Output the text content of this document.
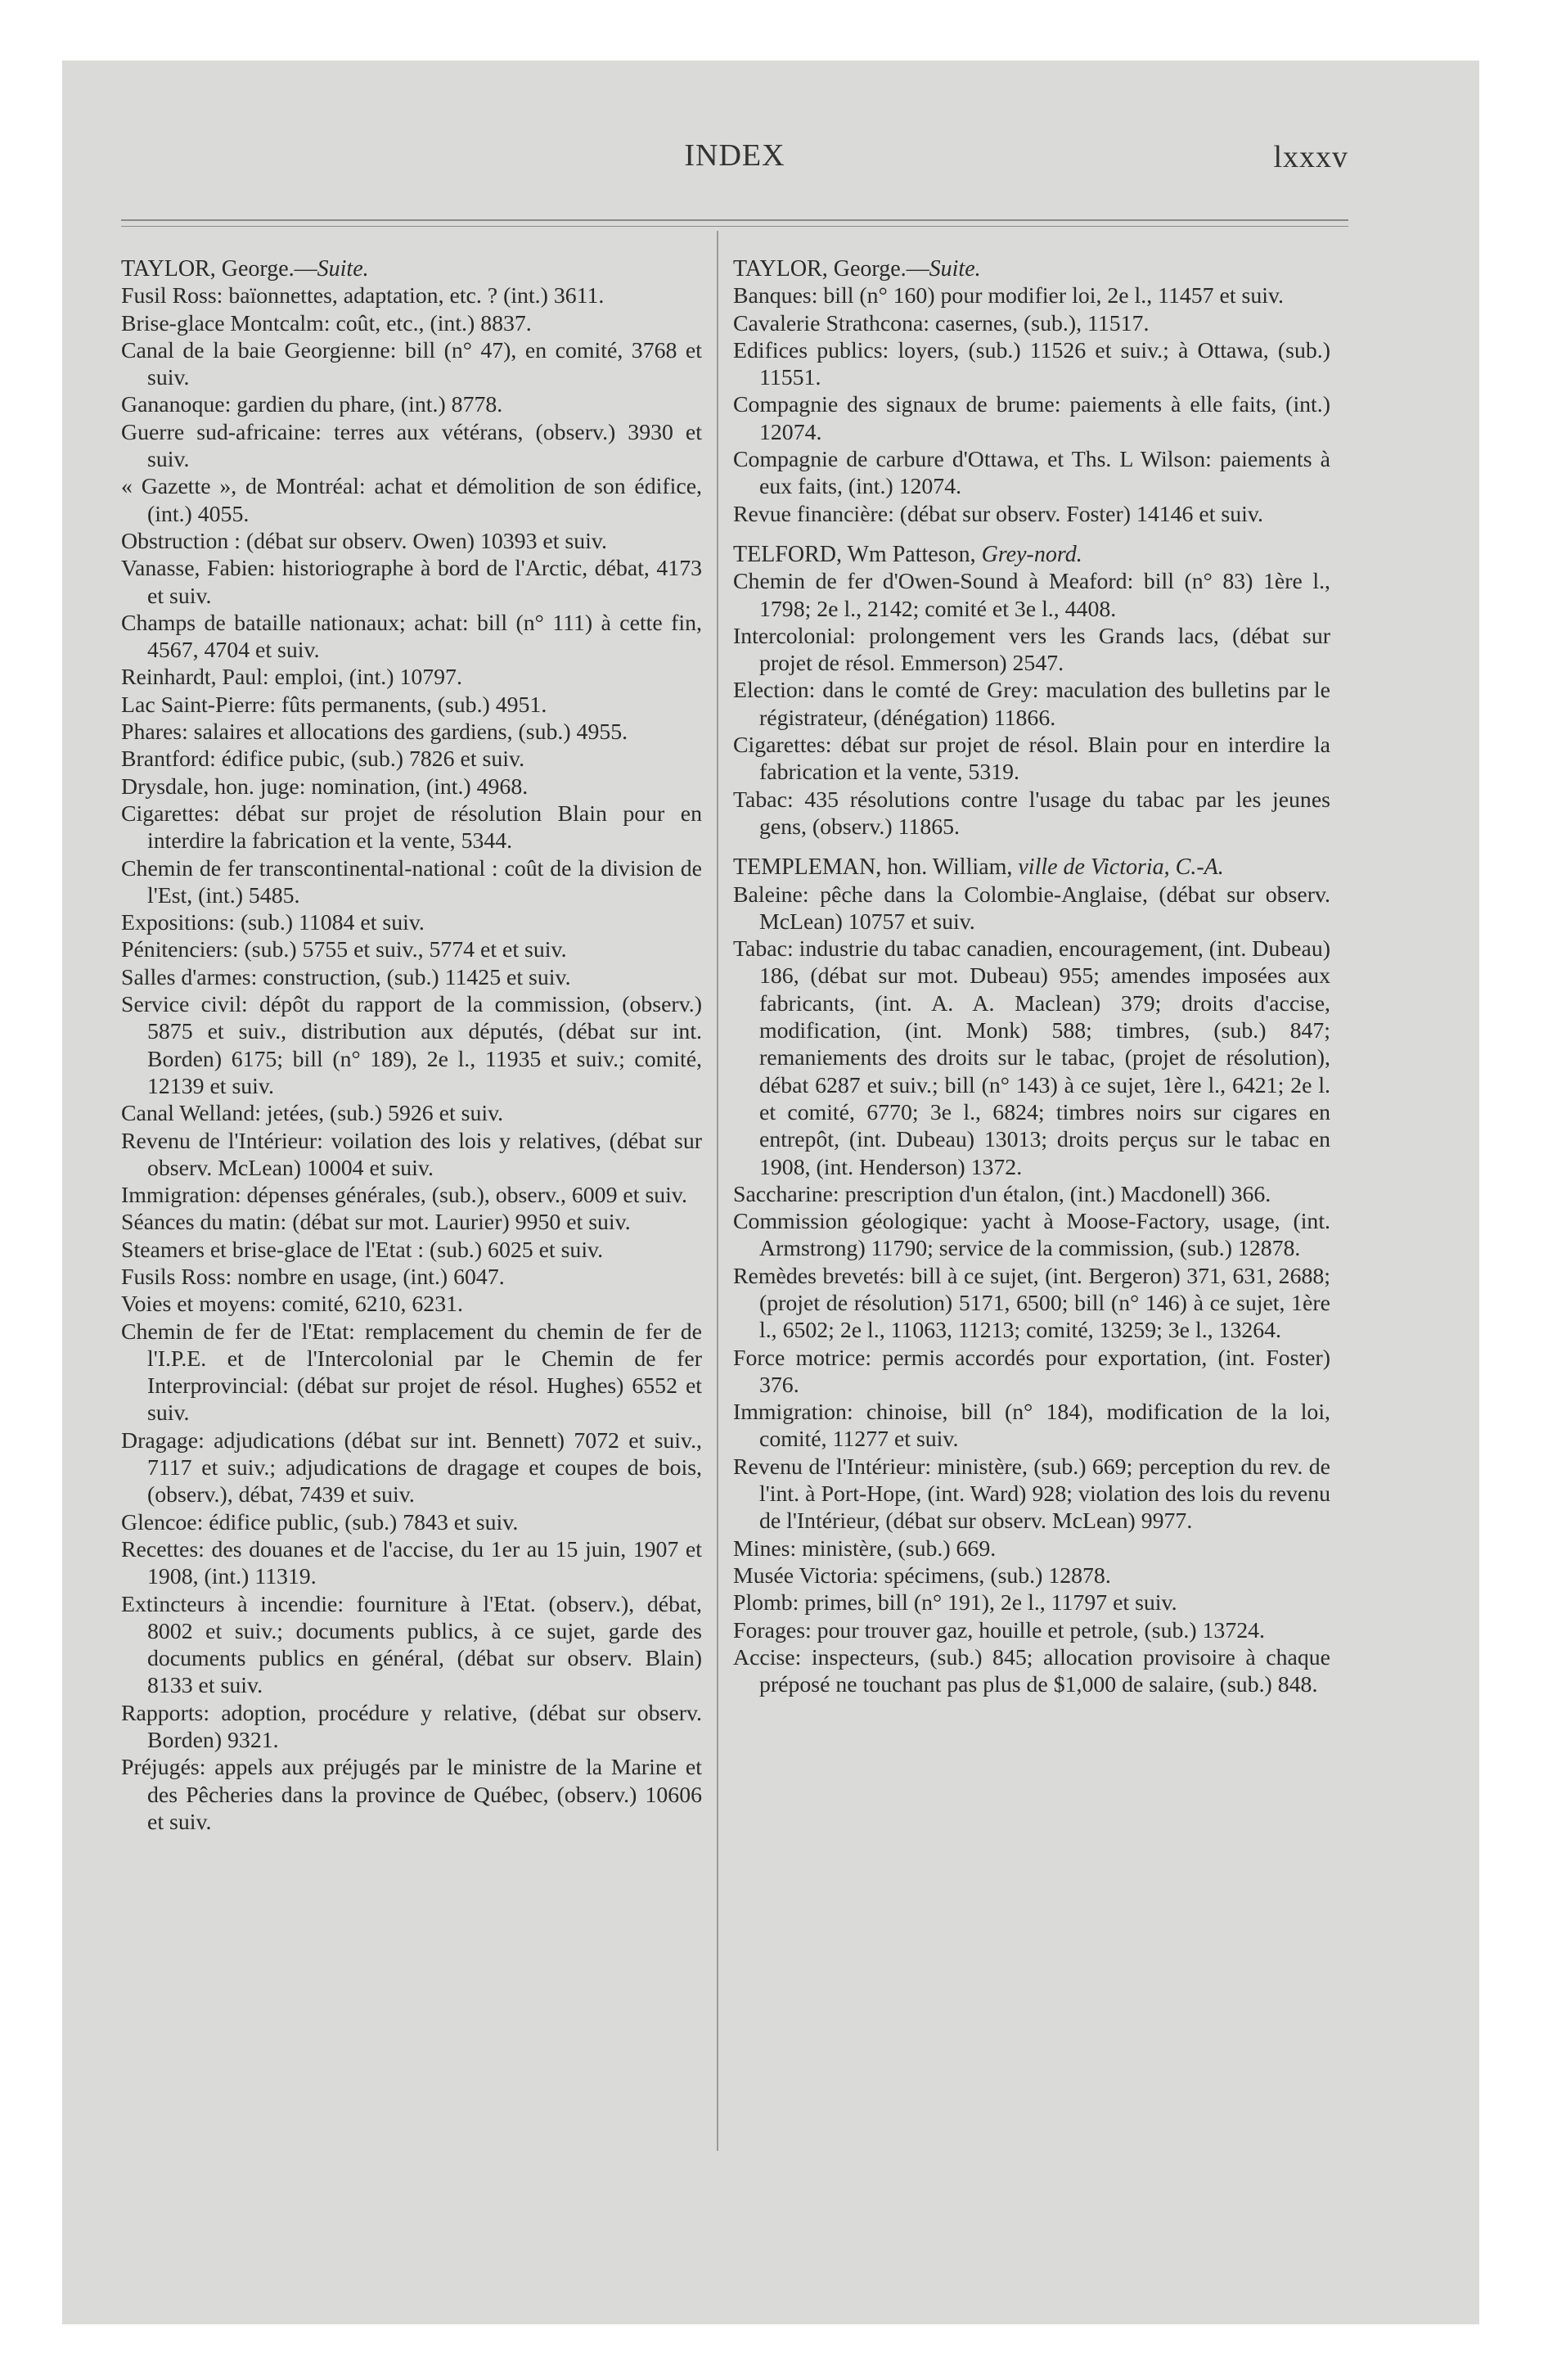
INDEX	lxxxv

TAYLOR, George.—Suite.

Fusil Ross: baïonnettes, adaptation, etc. ? (int.) 3611.

Brise-glace Montcalm: coût, etc., (int.) 8837.

Canal de la baie Georgienne: bill (n° 47), en comité, 3768 et suiv.

Gananoque: gardien du phare, (int.) 8778.

Guerre sud-africaine: terres aux vétérans, (observ.) 3930 et suiv.

« Gazette », de Montréal: achat et démolition de son édifice, (int.) 4055.

Obstruction : (débat sur observ. Owen) 10393 et suiv.

Vanasse, Fabien: historiographe à bord de l'Arctic, débat, 4173 et suiv.

Champs de bataille nationaux; achat: bill (n° 111) à cette fin, 4567, 4704 et suiv.

Reinhardt, Paul: emploi, (int.) 10797.

Lac Saint-Pierre: fûts permanents, (sub.) 4951.

Phares: salaires et allocations des gardiens, (sub.) 4955.

Brantford: édifice pubic, (sub.) 7826 et suiv.

Drysdale, hon. juge: nomination, (int.) 4968.

Cigarettes: débat sur projet de résolution Blain pour en interdire la fabrication et la vente, 5344.

Chemin de fer transcontinental-national : coût de la division de l'Est, (int.) 5485.

Expositions: (sub.) 11084 et suiv.

Pénitenciers: (sub.) 5755 et suiv., 5774 et et suiv.

Salles d'armes: construction, (sub.) 11425 et suiv.

Service civil: dépôt du rapport de la commission, (observ.) 5875 et suiv., distribution aux députés, (débat sur int. Borden) 6175; bill (n° 189), 2e l., 11935 et suiv.; comité, 12139 et suiv.

Canal Welland: jetées, (sub.) 5926 et suiv.

Revenu de l'Intérieur: voilation des lois y relatives, (débat sur observ. McLean) 10004 et suiv.

Immigration: dépenses générales, (sub.), observ., 6009 et suiv.

Séances du matin: (débat sur mot. Laurier) 9950 et suiv.

Steamers et brise-glace de l'Etat : (sub.) 6025 et suiv.

Fusils Ross: nombre en usage, (int.) 6047.

Voies et moyens: comité, 6210, 6231.

Chemin de fer de l'Etat: remplacement du chemin de fer de l'I.P.E. et de l'Intercolonial par le Chemin de fer Interprovincial: (débat sur projet de résol. Hughes) 6552 et suiv.

Dragage: adjudications (débat sur int. Bennett) 7072 et suiv., 7117 et suiv.; adjudications de dragage et coupes de bois, (observ.), débat, 7439 et suiv.

Glencoe: édifice public, (sub.) 7843 et suiv.

Recettes: des douanes et de l'accise, du 1er au 15 juin, 1907 et 1908, (int.) 11319.

Extincteurs à incendie: fourniture à l'Etat. (observ.), débat, 8002 et suiv.; documents publics, à ce sujet, garde des documents publics en général, (débat sur observ. Blain) 8133 et suiv.

Rapports: adoption, procédure y relative, (débat sur observ. Borden) 9321.

Préjugés: appels aux préjugés par le ministre de la Marine et des Pêcheries dans la province de Québec, (observ.) 10606 et suiv.

TAYLOR, George.—Suite.

Banques: bill (n° 160) pour modifier loi, 2e l., 11457 et suiv.

Cavalerie Strathcona: casernes, (sub.), 11517.

Edifices publics: loyers, (sub.) 11526 et suiv.; à Ottawa, (sub.) 11551.

Compagnie des signaux de brume: paiements à elle faits, (int.) 12074.

Compagnie de carbure d'Ottawa, et Ths. L Wilson: paiements à eux faits, (int.) 12074.

Revue financière: (débat sur observ. Foster) 14146 et suiv.

TELFORD, Wm Patteson, Grey-nord.

Chemin de fer d'Owen-Sound à Meaford: bill (n° 83) 1ère l., 1798; 2e l., 2142; comité et 3e l., 4408.

Intercolonial: prolongement vers les Grands lacs, (débat sur projet de résol. Emmerson) 2547.

Election: dans le comté de Grey: maculation des bulletins par le régistrateur, (dénégation) 11866.

Cigarettes: débat sur projet de résol. Blain pour en interdire la fabrication et la vente, 5319.

Tabac: 435 résolutions contre l'usage du tabac par les jeunes gens, (observ.) 11865.

TEMPLEMAN, hon. William, ville de Victoria, C.-A.

Baleine: pêche dans la Colombie-Anglaise, (débat sur observ. McLean) 10757 et suiv.

Tabac: industrie du tabac canadien, encouragement, (int. Dubeau) 186, (débat sur mot. Dubeau) 955; amendes imposées aux fabricants, (int. A. A. Maclean) 379; droits d'accise, modification, (int. Monk) 588; timbres, (sub.) 847; remaniements des droits sur le tabac, (projet de résolution), débat 6287 et suiv.; bill (n° 143) à ce sujet, 1ère l., 6421; 2e l. et comité, 6770; 3e l., 6824; timbres noirs sur cigares en entrepôt, (int. Dubeau) 13013; droits perçus sur le tabac en 1908, (int. Henderson) 1372.

Saccharine: prescription d'un étalon, (int.) Macdonell) 366.

Commission géologique: yacht à Moose-Factory, usage, (int. Armstrong) 11790; service de la commission, (sub.) 12878.

Remèdes brevetés: bill à ce sujet, (int. Bergeron) 371, 631, 2688; (projet de résolution) 5171, 6500; bill (n° 146) à ce sujet, 1ère l., 6502; 2e l., 11063, 11213; comité, 13259; 3e l., 13264.

Force motrice: permis accordés pour exportation, (int. Foster) 376.

Immigration: chinoise, bill (n° 184), modification de la loi, comité, 11277 et suiv.

Revenu de l'Intérieur: ministère, (sub.) 669; perception du rev. de l'int. à Port-Hope, (int. Ward) 928; violation des lois du revenu de l'Intérieur, (débat sur observ. McLean) 9977.

Mines: ministère, (sub.) 669.

Musée Victoria: spécimens, (sub.) 12878.

Plomb: primes, bill (n° 191), 2e l., 11797 et suiv.

Forages: pour trouver gaz, houille et petrole, (sub.) 13724.

Accise: inspecteurs, (sub.) 845; allocation provisoire à chaque préposé ne touchant pas plus de $1,000 de salaire, (sub.) 848.
